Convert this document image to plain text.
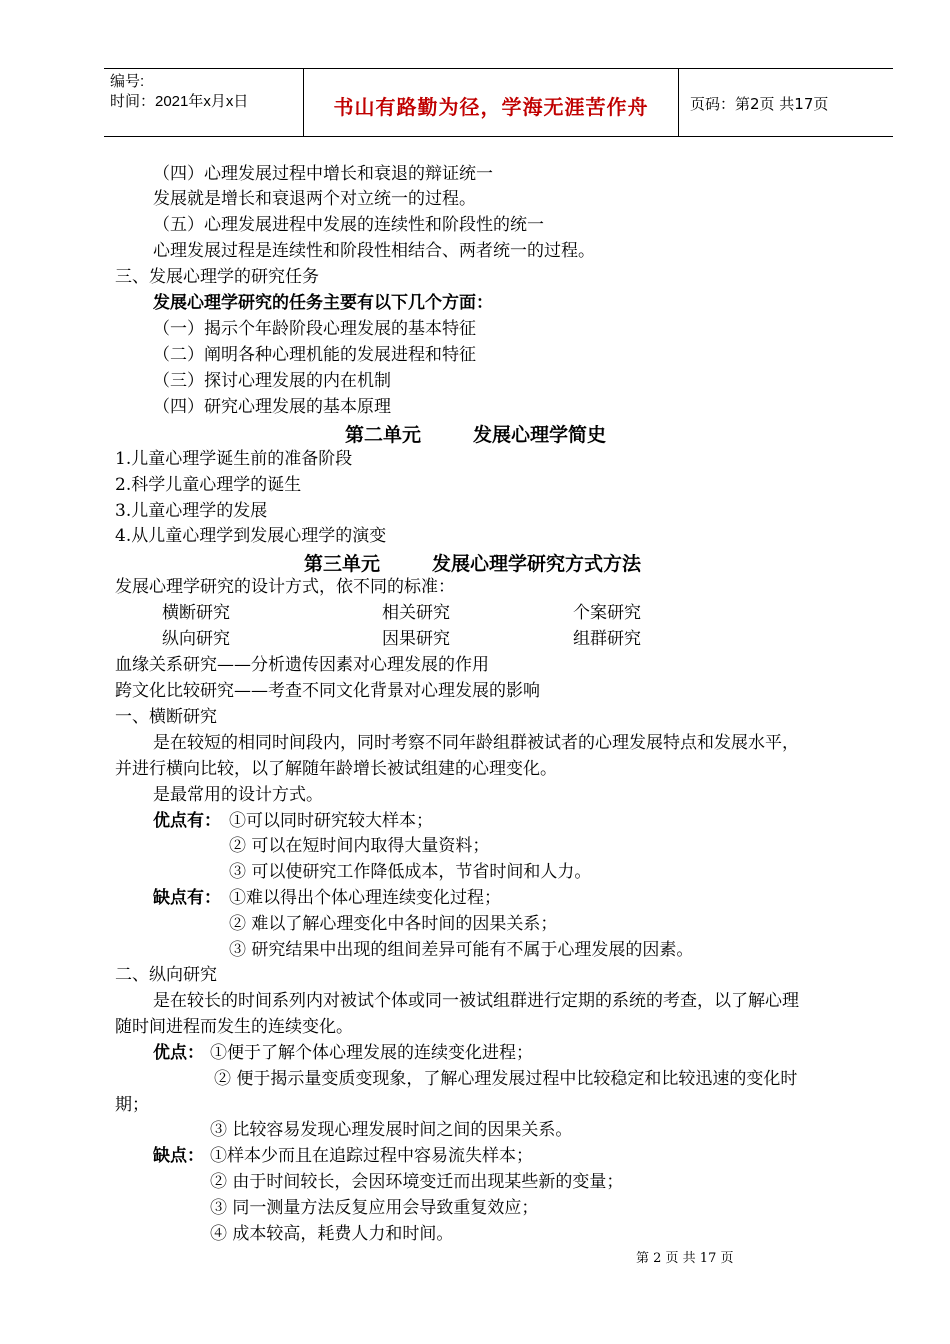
编号:
时间：2021年x月x日	书山有路勤为径，学海无涯苦作舟	页码：第2页 共17页
（四）心理发展过程中增长和衰退的辩证统一
发展就是增长和衰退两个对立统一的过程。
（五）心理发展进程中发展的连续性和阶段性的统一
心理发展过程是连续性和阶段性相结合、两者统一的过程。
三、发展心理学的研究任务
发展心理学研究的任务主要有以下几个方面：
（一）揭示个年龄阶段心理发展的基本特征
（二）阐明各种心理机能的发展进程和特征
（三）探讨心理发展的内在机制
（四）研究心理发展的基本原理
第二单元	发展心理学简史
1.儿童心理学诞生前的准备阶段
2.科学儿童心理学的诞生
3.儿童心理学的发展
4.从儿童心理学到发展心理学的演变
第三单元	发展心理学研究方式方法
发展心理学研究的设计方式，依不同的标准：
横断研究	相关研究	个案研究
纵向研究	因果研究	组群研究
血缘关系研究——分析遗传因素对心理发展的作用
跨文化比较研究——考查不同文化背景对心理发展的影响
一、横断研究
是在较短的相同时间段内，同时考察不同年龄组群被试者的心理发展特点和发展水平，
并进行横向比较，以了解随年龄增长被试组建的心理变化。
是最常用的设计方式。
优点有： ①可以同时研究较大样本；
② 可以在短时间内取得大量资料；
③ 可以使研究工作降低成本，节省时间和人力。
缺点有： ①难以得出个体心理连续变化过程；
② 难以了解心理变化中各时间的因果关系；
③ 研究结果中出现的组间差异可能有不属于心理发展的因素。
二、纵向研究
是在较长的时间系列内对被试个体或同一被试组群进行定期的系统的考查，以了解心理
随时间进程而发生的连续变化。
优点： ①便于了解个体心理发展的连续变化进程；
② 便于揭示量变质变现象，了解心理发展过程中比较稳定和比较迅速的变化时
期；
③ 比较容易发现心理发展时间之间的因果关系。
缺点： ①样本少而且在追踪过程中容易流失样本；
② 由于时间较长，会因环境变迁而出现某些新的变量；
③ 同一测量方法反复应用会导致重复效应；
④ 成本较高，耗费人力和时间。
第 2 页 共 17 页
